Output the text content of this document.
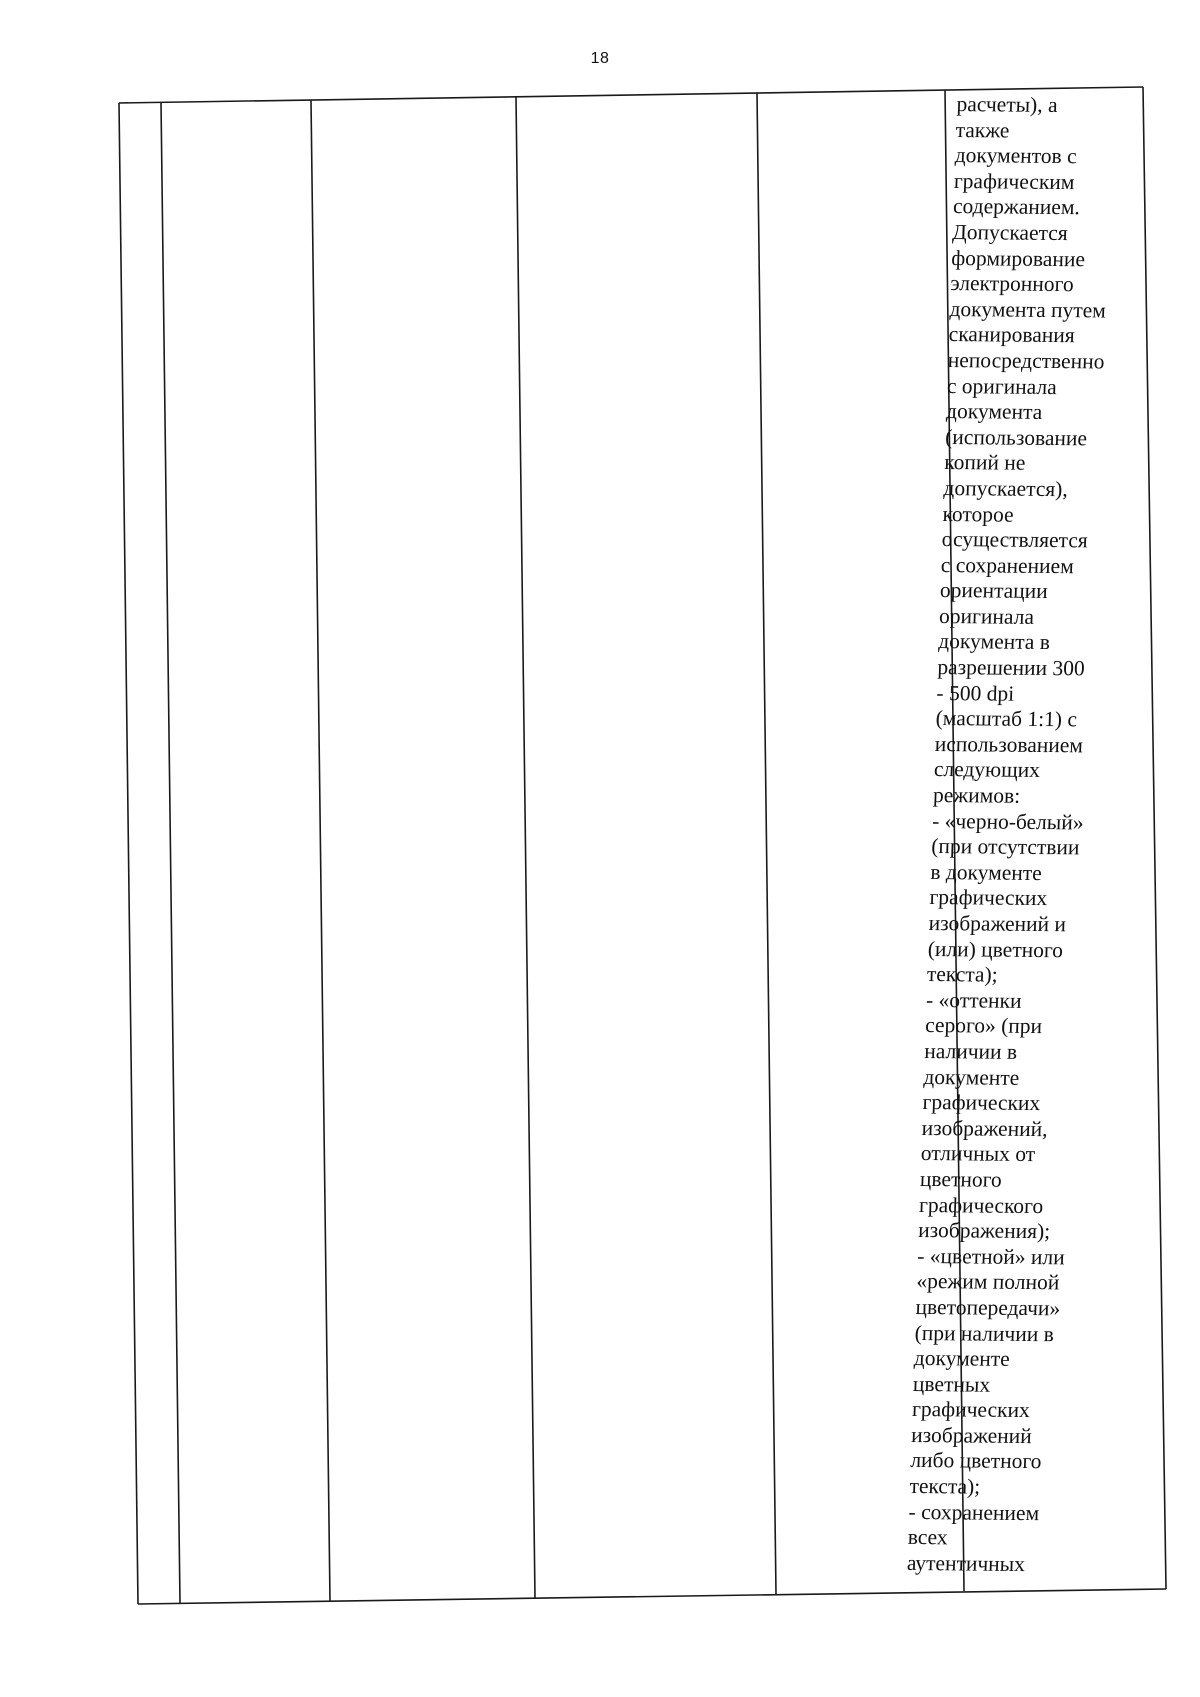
18
расчеты), а
также
документов с
графическим
содержанием.
Допускается
формирование
электронного
документа путем
сканирования
непосредственно
с оригинала
документа
(использование
копий не
допускается),
которое
осуществляется
с сохранением
ориентации
оригинала
документа в
разрешении 300
- 500 dpi
(масштаб 1:1) с
использованием
следующих
режимов:
- «черно-белый»
(при отсутствии
в документе
графических
изображений и
(или) цветного
текста);
- «оттенки
серого» (при
наличии в
документе
графических
изображений,
отличных от
цветного
графического
изображения);
- «цветной» или
«режим полной
цветопередачи»
(при наличии в
документе
цветных
графических
изображений
либо цветного
текста);
- сохранением
всех
аутентичных
